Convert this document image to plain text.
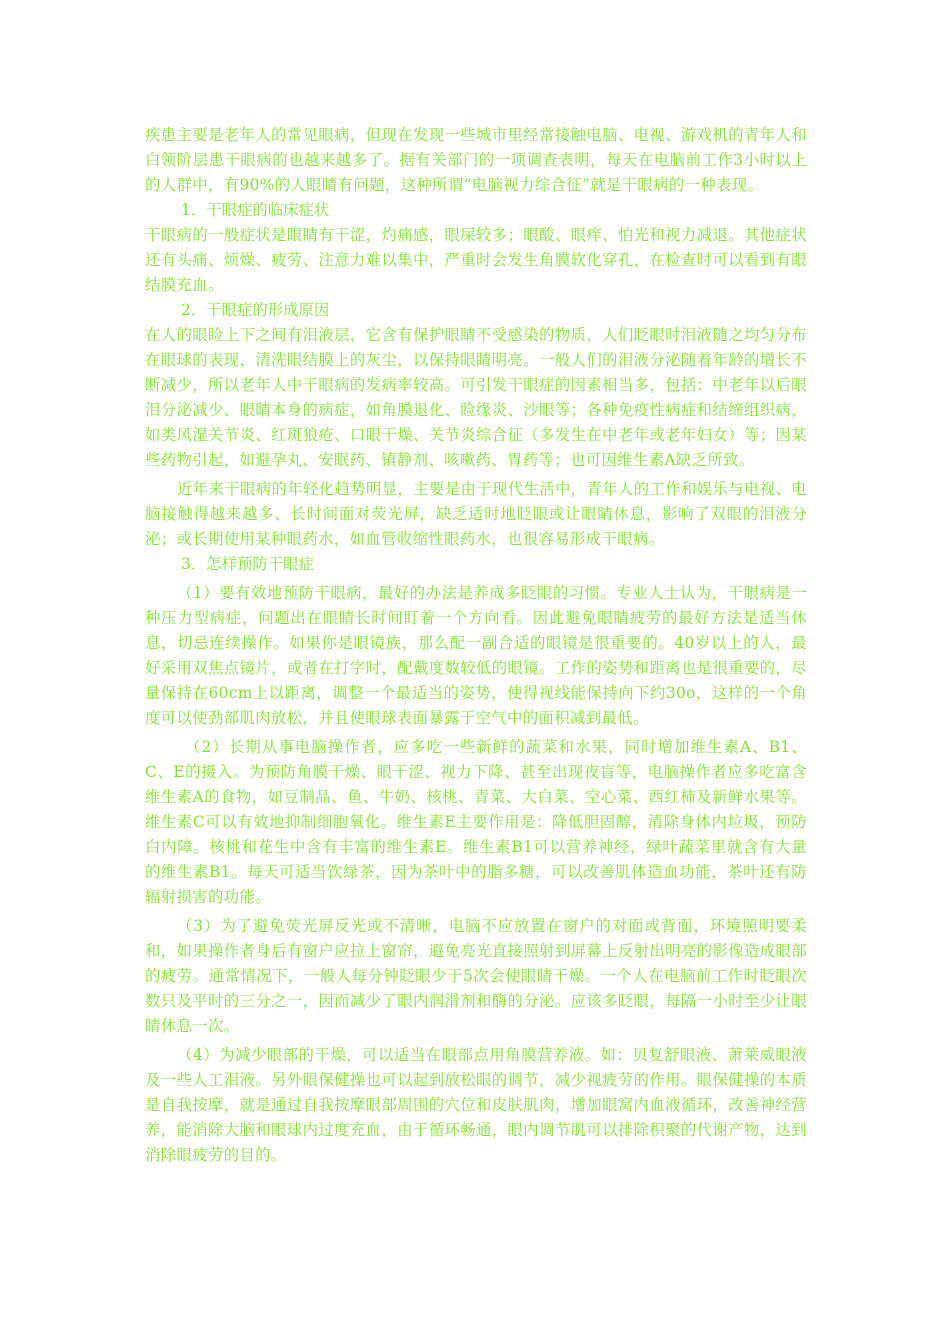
疾患主要是老年人的常见眼病，但现在发现一些城市里经常接触电脑、电视、游戏机的青年人和白领阶层患干眼病的也越来越多了。据有关部门的一项调查表明，每天在电脑前工作3小时以上的人群中，有90%的人眼睛有问题，这种所谓“电脑视力综合征”就是干眼病的一种表现。

1．干眼症的临床症状

干眼病的一般症状是眼睛有干涩，灼痛感，眼屎较多；眼酸、眼痒、怕光和视力减退。其他症状还有头痛、烦燥、疲劳、注意力难以集中，严重时会发生角膜软化穿孔，在检查时可以看到有眼结膜充血。

2．干眼症的形成原因

在人的眼睑上下之间有泪液层，它含有保护眼睛不受感染的物质，人们眨眼时泪液随之均匀分布在眼球的表现，清洗眼结膜上的灰尘，以保持眼睛明亮。一般人们的泪液分泌随着年龄的增长不断减少，所以老年人中干眼病的发病率较高。可引发干眼症的因素相当多，包括：中老年以后眼泪分泌减少、眼睛本身的病症，如角膜退化、睑缘炎、沙眼等；各种免疫性病症和结缔组织病，如类风湿关节炎、红斑狼疮、口眼干燥、关节炎综合征（多发生在中老年或老年妇女）等；因某些药物引起，如避孕丸、安眠药、镇静剂、咳嗽药、胃药等；也可因维生素A缺乏所致。

近年来干眼病的年轻化趋势明显，主要是由于现代生活中，青年人的工作和娱乐与电视、电脑接触得越来越多、长时间面对荧光屏，缺乏适时地眨眼或让眼睛休息，影响了双眼的泪液分泌；或长期使用某种眼药水，如血管收缩性眼药水，也很容易形成干眼病。

3．怎样预防干眼症

（1）要有效地预防干眼病，最好的办法是养成多眨眼的习惯。专业人士认为，干眼病是一种压力型病症，问题出在眼睛长时间盯着一个方向看。因此避免眼睛疲劳的最好方法是适当休息，切忌连续操作。如果你是眼镜族，那么配一副合适的眼镜是很重要的。40岁以上的人，最好采用双焦点镜片，或者在打字时，配戴度数较低的眼镜。工作的姿势和距离也是很重要的，尽量保持在60cm上以距离，调整一个最适当的姿势，使得视线能保持向下约30o，这样的一个角度可以使劲部肌肉放松，并且使眼球表面暴露于空气中的面积减到最低。

（2）长期从事电脑操作者，应多吃一些新鲜的蔬菜和水果，同时增加维生素A、B1、C、E的摄入。为预防角膜干燥、眼干涩、视力下降、甚至出现夜盲等，电脑操作者应多吃富含维生素A的食物，如豆制品、鱼、牛奶、核桃、青菜、大白菜、空心菜、西红柿及新鲜水果等。维生素C可以有效地抑制细胞氧化。维生素E主要作用是：降低胆固醇，清除身体内垃圾，预防白内障。核桃和花生中含有丰富的维生素E。维生素B1可以营养神经，绿叶蔬菜里就含有大量的维生素B1。每天可适当饮绿茶，因为茶叶中的脂多糖，可以改善肌体造血功能，茶叶还有防辐射损害的功能。

（3）为了避免荧光屏反光或不清晰，电脑不应放置在窗户的对面或背面，环境照明要柔和，如果操作者身后有窗户应拉上窗帘，避免亮光直接照射到屏幕上反射出明亮的影像造成眼部的疲劳。通常情况下，一般人每分钟眨眼少于5次会使眼睛干燥。一个人在电脑前工作时眨眼次数只及平时的三分之一，因而减少了眼内润滑剂和酶的分泌。应该多眨眼，每隔一小时至少让眼睛休息一次。

（4）为减少眼部的干燥，可以适当在眼部点用角膜营养液。如：贝复舒眼液、萧莱威眼液及一些人工泪液。另外眼保健操也可以起到放松眼的调节，减少视疲劳的作用。眼保健操的本质是自我按摩，就是通过自我按摩眼部周围的穴位和皮肤肌肉，增加眼窝内血液循环，改善神经营养，能消除大脑和眼球内过度充血，由于循环畅通，眼内调节肌可以排除积聚的代谢产物，达到消除眼疲劳的目的。
